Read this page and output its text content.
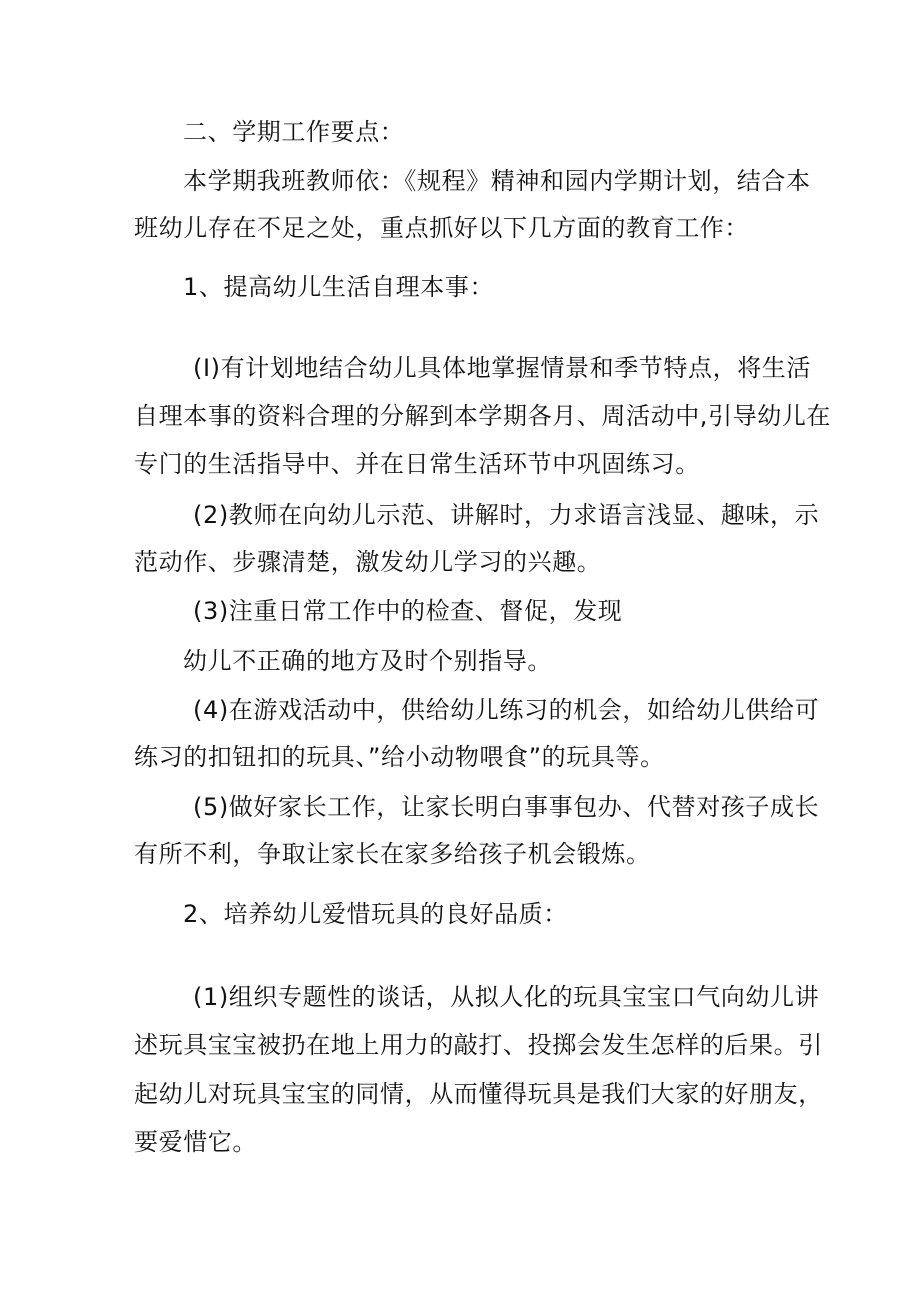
二、学期工作要点：
本学期我班教师依：《规程》精神和园内学期计划，结合本
班幼儿存在不足之处，重点抓好以下几方面的教育工作：
1、提高幼儿生活自理本事：
(I)有计划地结合幼儿具体地掌握情景和季节特点，将生活
自理本事的资料合理的分解到本学期各月、周活动中,引导幼儿在
专门的生活指导中、并在日常生活环节中巩固练习。
(2)教师在向幼儿示范、讲解时，力求语言浅显、趣味，示
范动作、步骤清楚，激发幼儿学习的兴趣。
(3)注重日常工作中的检查、督促，发现
幼儿不正确的地方及时个别指导。
(4)在游戏活动中，供给幼儿练习的机会，如给幼儿供给可
练习的扣钮扣的玩具、”给小动物喂食”的玩具等。
(5)做好家长工作，让家长明白事事包办、代替对孩子成长
有所不利，争取让家长在家多给孩子机会锻炼。
2、培养幼儿爱惜玩具的良好品质：
(1)组织专题性的谈话，从拟人化的玩具宝宝口气向幼儿讲
述玩具宝宝被扔在地上用力的敲打、投掷会发生怎样的后果。引
起幼儿对玩具宝宝的同情，从而懂得玩具是我们大家的好朋友，
要爱惜它。
